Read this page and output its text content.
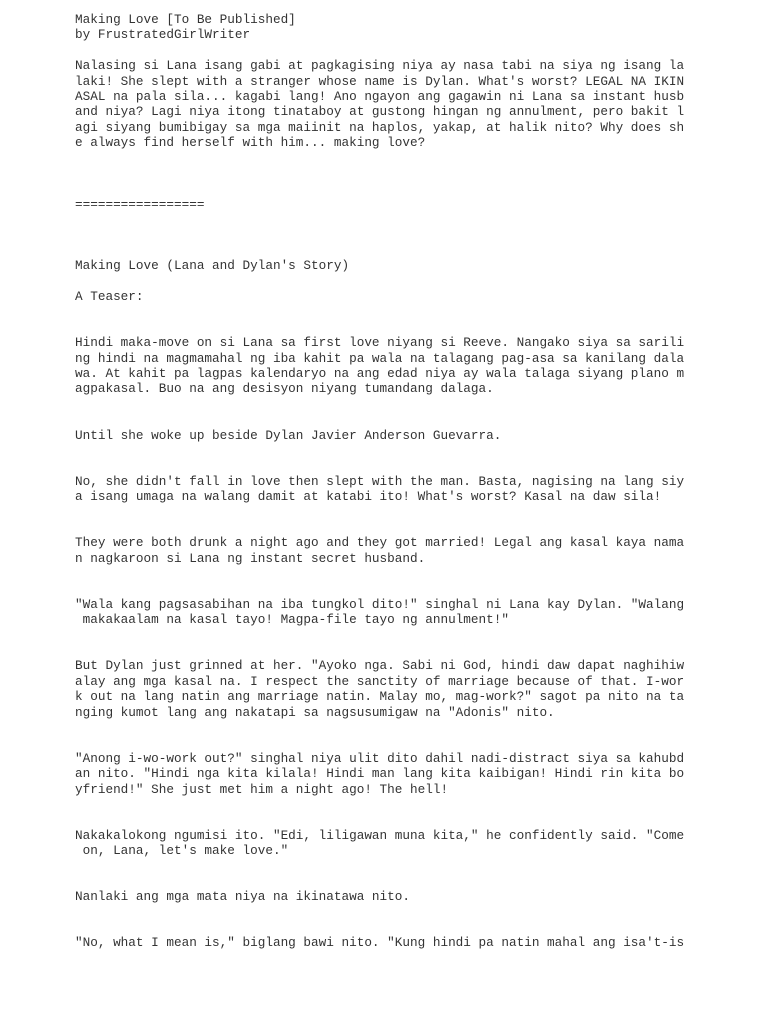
Making Love [To Be Published]
by FrustratedGirlWriter
Nalasing si Lana isang gabi at pagkagising niya ay nasa tabi na siya ng isang la
laki! She slept with a stranger whose name is Dylan. What's worst? LEGAL NA IKIN
ASAL na pala sila... kagabi lang! Ano ngayon ang gagawin ni Lana sa instant husb
and niya? Lagi niya itong tinataboy at gustong hingan ng annulment, pero bakit l
agi siyang bumibigay sa mga maiinit na haplos, yakap, at halik nito? Why does sh
e always find herself with him... making love?
=================
Making Love (Lana and Dylan's Story)
A Teaser:
Hindi maka-move on si Lana sa first love niyang si Reeve. Nangako siya sa sarili
ng hindi na magmamahal ng iba kahit pa wala na talagang pag-asa sa kanilang dala
wa. At kahit pa lagpas kalendaryo na ang edad niya ay wala talaga siyang plano m
agpakasal. Buo na ang desisyon niyang tumandang dalaga.
Until she woke up beside Dylan Javier Anderson Guevarra.
No, she didn't fall in love then slept with the man. Basta, nagising na lang siy
a isang umaga na walang damit at katabi ito! What's worst? Kasal na daw sila!
They were both drunk a night ago and they got married! Legal ang kasal kaya nama
n nagkaroon si Lana ng instant secret husband.
"Wala kang pagsasabihan na iba tungkol dito!" singhal ni Lana kay Dylan. "Walang
makakaalam na kasal tayo! Magpa-file tayo ng annulment!"
But Dylan just grinned at her. "Ayoko nga. Sabi ni God, hindi daw dapat naghihiw
alay ang mga kasal na. I respect the sanctity of marriage because of that. I-wor
k out na lang natin ang marriage natin. Malay mo, mag-work?" sagot pa nito na ta
nging kumot lang ang nakatapi sa nagsusumigaw na "Adonis" nito.
"Anong i-wo-work out?" singhal niya ulit dito dahil nadi-distract siya sa kahubd
an nito. "Hindi nga kita kilala! Hindi man lang kita kaibigan! Hindi rin kita bo
yfriend!" She just met him a night ago! The hell!
Nakakalokong ngumisi ito. "Edi, liligawan muna kita," he confidently said. "Come
on, Lana, let's make love."
Nanlaki ang mga mata niya na ikinatawa nito.
"No, what I mean is," biglang bawi nito. "Kung hindi pa natin mahal ang isa't-is
